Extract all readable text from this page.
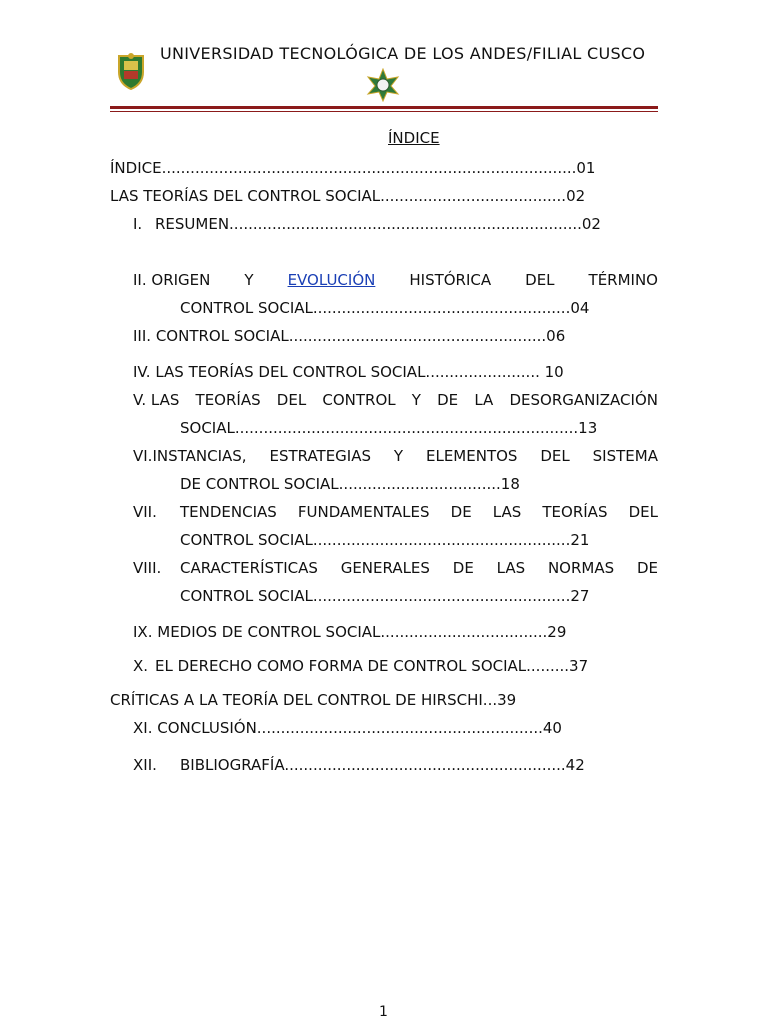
UNIVERSIDAD TECNOLÓGICA DE LOS ANDES/FILIAL CUSCO
ÍNDICE
ÍNDICE.......................................................................................01
LAS TEORÍAS DEL CONTROL SOCIAL.......................................02
I. RESUMEN..........................................................................02
II. ORIGEN Y EVOLUCIÓN HISTÓRICA DEL TÉRMINO
CONTROL SOCIAL......................................................04
III. CONTROL SOCIAL......................................................06
IV. LAS TEORÍAS DEL CONTROL SOCIAL........................ 10
V. LAS TEORÍAS DEL CONTROL Y DE LA DESORGANIZACIÓN
SOCIAL........................................................................13
VI.INSTANCIAS, ESTRATEGIAS Y ELEMENTOS DEL SISTEMA
DE CONTROL SOCIAL..................................18
VII. TENDENCIAS FUNDAMENTALES DE LAS TEORÍAS DEL
CONTROL SOCIAL......................................................21
VIII. CARACTERÍSTICAS GENERALES DE LAS NORMAS DE
CONTROL SOCIAL......................................................27
IX. MEDIOS DE CONTROL SOCIAL...................................29
X. EL DERECHO COMO FORMA DE CONTROL SOCIAL.........37
CRÍTICAS A LA TEORÍA DEL CONTROL DE HIRSCHI...39
XI. CONCLUSIÓN............................................................40
XII. BIBLIOGRAFÍA...........................................................42
1
